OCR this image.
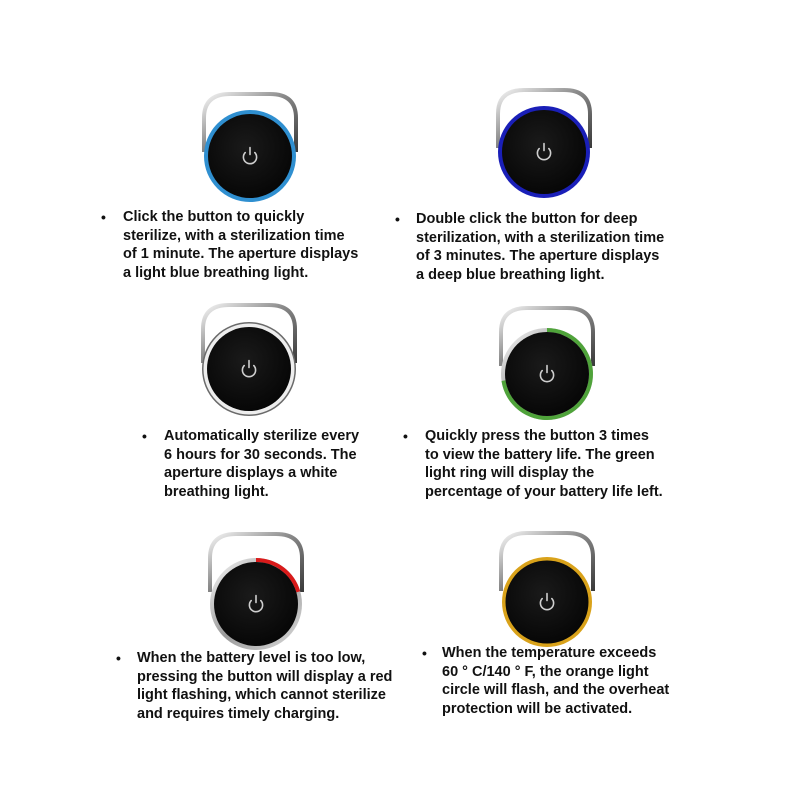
• Click the button to quickly
sterilize, with a sterilization time
of 1 minute. The aperture displays
a light blue breathing light.
• Double click the button for deep
sterilization, with a sterilization time
of 3 minutes. The aperture displays
a deep blue breathing light.
• Automatically sterilize every
6 hours for 30 seconds. The
aperture displays a white
breathing light.
• Quickly press the button 3 times
to view the battery life. The green
light ring will display the
percentage of your battery life left.
• When the battery level is too low,
pressing the button will display a red
light flashing, which cannot sterilize
and requires timely charging.
• When the temperature exceeds
60 ° C/140 ° F, the orange light
circle will flash, and the overheat
protection will be activated.
